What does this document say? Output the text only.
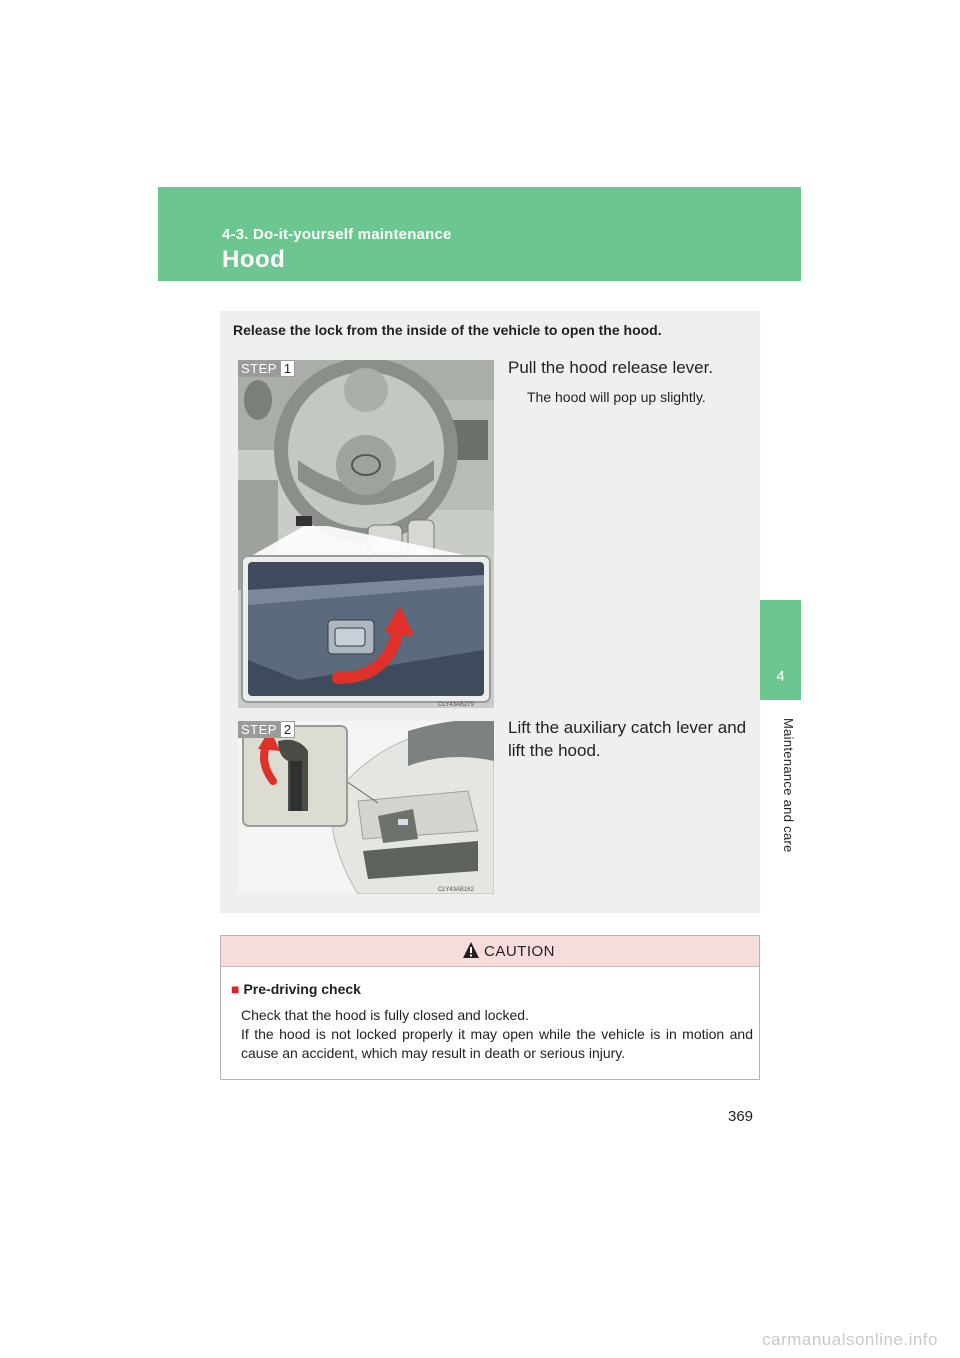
4-3. Do-it-yourself maintenance
Hood
4
Maintenance and care
Release the lock from the inside of the vehicle to open the hood.
CLY43AB279
STEP 1	Pull the hood release lever.
The hood will pop up slightly.
CLY43AB162
STEP 2	Lift the auxiliary catch lever and lift the hood.
CAUTION
■ Pre-driving check

Check that the hood is fully closed and locked.

If the hood is not locked properly it may open while the vehicle is in motion and cause an accident, which may result in death or serious injury.

369
carmanualsonline.info
